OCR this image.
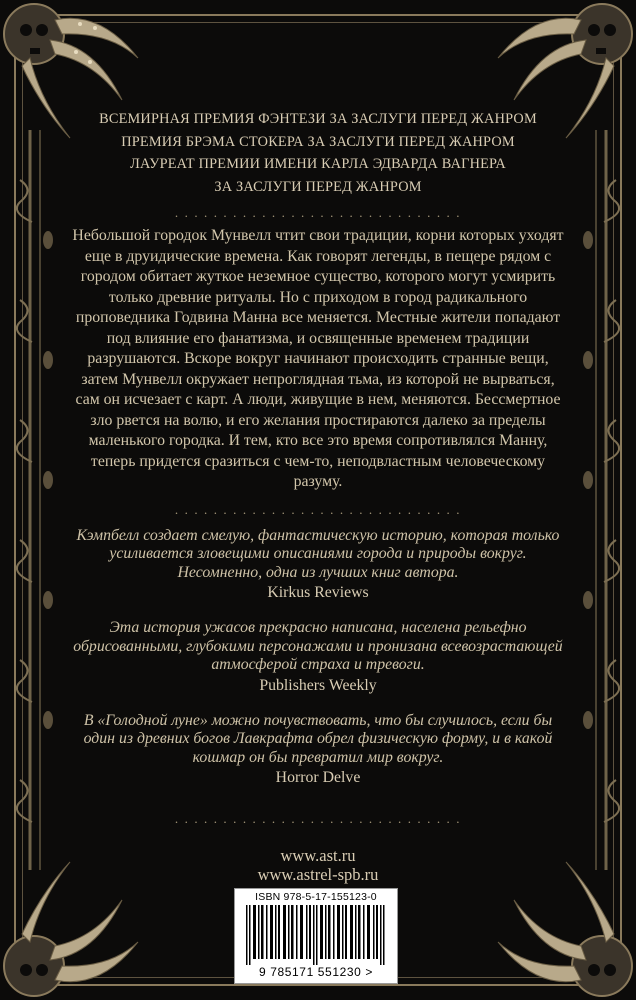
ВСЕМИРНАЯ ПРЕМИЯ ФЭНТЕЗИ ЗА ЗАСЛУГИ ПЕРЕД ЖАНРОМ
ПРЕМИЯ БРЭМА СТОКЕРА ЗА ЗАСЛУГИ ПЕРЕД ЖАНРОМ
ЛАУРЕАТ ПРЕМИИ ИМЕНИ КАРЛА ЭДВАРДА ВАГНЕРА
ЗА ЗАСЛУГИ ПЕРЕД ЖАНРОМ
. . . . . . . . . . . . . . . . . . . . . . . . . . . . . .
Небольшой городок Мунвелл чтит свои традиции, корни которых уходят еще в друидические времена. Как говорят легенды, в пещере рядом с городом обитает жуткое неземное существо, которого могут усмирить только древние ритуалы. Но с приходом в город радикального проповедника Годвина Манна все меняется. Местные жители попадают под влияние его фанатизма, и освященные временем традиции разрушаются. Вскоре вокруг начинают происходить странные вещи, затем Мунвелл окружает непроглядная тьма, из которой не вырваться, сам он исчезает с карт. А люди, живущие в нем, меняются. Бессмертное зло рвется на волю, и его желания простираются далеко за пределы маленького городка. И тем, кто все это время сопротивлялся Манну, теперь придется сразиться с чем-то, неподвластным человеческому разуму.
. . . . . . . . . . . . . . . . . . . . . . . . . . . . . .
Кэмпбелл создает смелую, фантастическую историю, которая только усиливается зловещими описаниями города и природы вокруг. Несомненно, одна из лучших книг автора.
Kirkus Reviews
Эта история ужасов прекрасно написана, населена рельефно обрисованными, глубокими персонажами и пронизана всевозрастающей атмосферой страха и тревоги.
Publishers Weekly
В «Голодной луне» можно почувствовать, что бы случилось, если бы один из древних богов Лавкрафта обрел физическую форму, и в какой кошмар он бы превратил мир вокруг.
Horror Delve
. . . . . . . . . . . . . . . . . . . . . . . . . . . . . .
www.ast.ru
www.astrel-spb.ru
ISBN 978-5-17-155123-0
9 785171 551230 >
